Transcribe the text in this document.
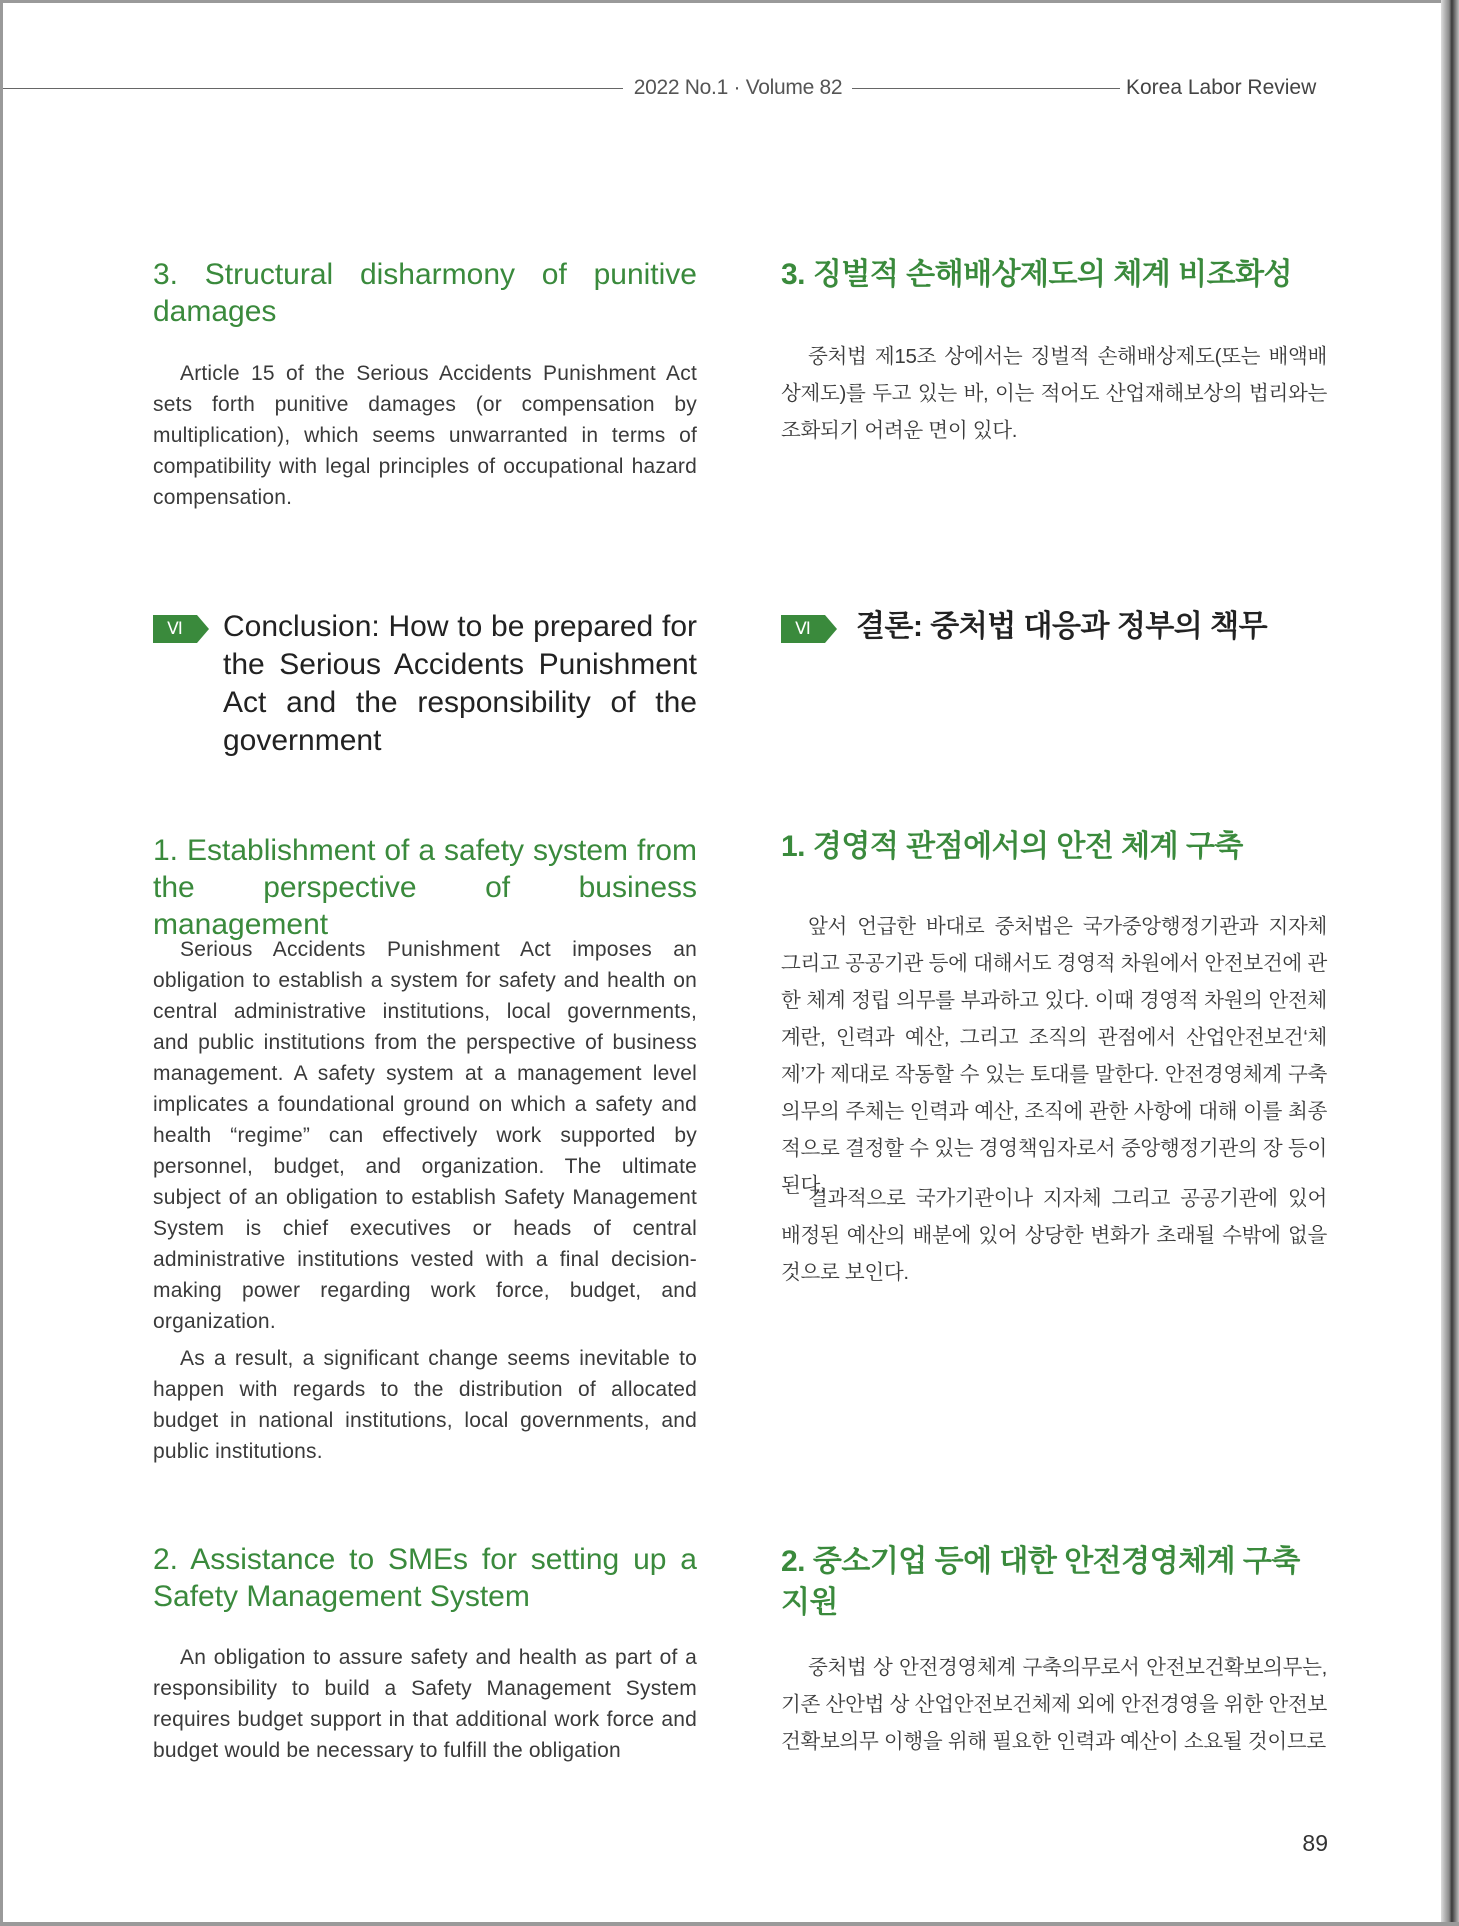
2022 No.1 · Volume 82	Korea Labor Review
3. Structural disharmony of punitive damages

Article 15 of the Serious Accidents Punishment Act sets forth punitive damages (or compensation by multiplication), which seems unwarranted in terms of compatibility with legal principles of occupational hazard compensation.

Ⅵ	Conclusion: How to be prepared for the Serious Accidents Punishment Act and the responsibility of the government
1. Establishment of a safety system from the perspective of business management

Serious Accidents Punishment Act imposes an obligation to establish a system for safety and health on central administrative institutions, local governments, and public institutions from the perspective of business management. A safety system at a management level implicates a foundational ground on which a safety and health “regime” can effectively work supported by personnel, budget, and organization. The ultimate subject of an obligation to establish Safety Management System is chief executives or heads of central administrative institutions vested with a final decision-making power regarding work force, budget, and organization.

As a result, a significant change seems inevitable to happen with regards to the distribution of allocated budget in national institutions, local governments, and public institutions.

2. Assistance to SMEs for setting up a Safety Management System

An obligation to assure safety and health as part of a responsibility to build a Safety Management System requires budget support in that additional work force and budget would be necessary to fulfill the obligation

3. 징벌적 손해배상제도의 체계 비조화성

중처법 제15조 상에서는 징벌적 손해배상제도(또는 배액배상제도)를 두고 있는 바, 이는 적어도 산업재해보상의 법리와는 조화되기 어려운 면이 있다.

Ⅵ	결론: 중처법 대응과 정부의 책무
1. 경영적 관점에서의 안전 체계 구축

앞서 언급한 바대로 중처법은 국가중앙행정기관과 지자체 그리고 공공기관 등에 대해서도 경영적 차원에서 안전보건에 관한 체계 정립 의무를 부과하고 있다. 이때 경영적 차원의 안전체계란, 인력과 예산, 그리고 조직의 관점에서 산업안전보건‘체제’가 제대로 작동할 수 있는 토대를 말한다. 안전경영체계 구축 의무의 주체는 인력과 예산, 조직에 관한 사항에 대해 이를 최종적으로 결정할 수 있는 경영책임자로서 중앙행정기관의 장 등이 된다.

결과적으로 국가기관이나 지자체 그리고 공공기관에 있어 배정된 예산의 배분에 있어 상당한 변화가 초래될 수밖에 없을 것으로 보인다.

2. 중소기업 등에 대한 안전경영체계 구축 지원

중처법 상 안전경영체계 구축의무로서 안전보건확보의무는, 기존 산안법 상 산업안전보건체제 외에 안전경영을 위한 안전보건확보의무 이행을 위해 필요한 인력과 예산이 소요될 것이므로

89
